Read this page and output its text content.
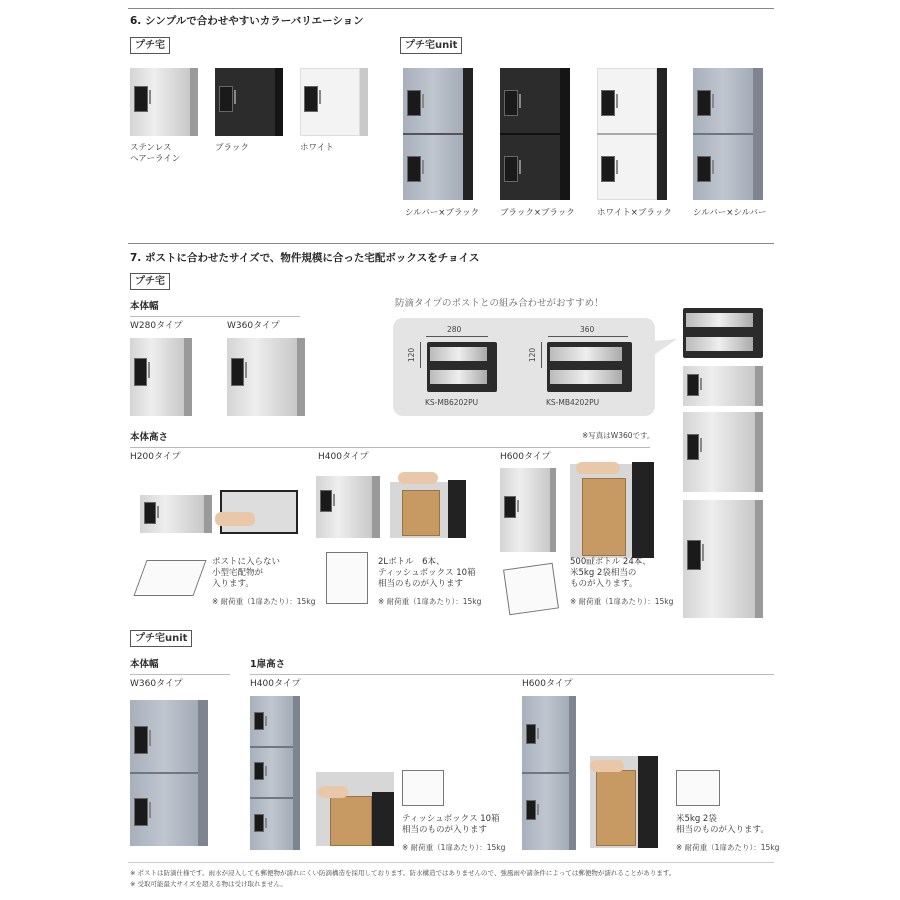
6. シンプルで合わせやすいカラーバリエーション
プチ宅	プチ宅unit
ステンレス
ヘアーライン
ブラック	ホワイト
シルバー×ブラック ブラック×ブラック	ホワイト×ブラック	シルバー×シルバー
7. ポストに合わせたサイズで、物件規模に合った宅配ボックスをチョイス
プチ宅
本体幅
W280タイプ	W360タイプ
防滴タイプのポストとの組み合わせがおすすめ！
280
120
KS-MB6202PU
360
120
KS-MB4202PU
本体高さ	※写真はW360です。
H200タイプ	H400タイプ	H600タイプ
ポストに入らない
小型宅配物が
入ります。
※ 耐荷重（1扉あたり）：15kg
2Lボトル　6本、
ティッシュボックス 10箱
相当のものが入ります
※ 耐荷重（1扉あたり）：15kg
500㎖ボトル 24本、
米5kg 2袋相当の
ものが入ります。
※ 耐荷重（1扉あたり）：15kg
プチ宅unit
本体幅	1扉高さ
W360タイプ	H400タイプ	H600タイプ
ティッシュボックス 10箱
相当のものが入ります
※ 耐荷重（1扉あたり）：15kg
米5kg 2袋
相当のものが入ります。
※ 耐荷重（1扉あたり）：15kg
※ ポストは防滴仕様です。雨水が浸入しても郵便物が濡れにくい防滴構造を採用しております。防水構造ではありませんので、強風雨や諸条件によっては郵便物が濡れることがあります。
※ 受取可能最大サイズを超える物は受け取れません。
